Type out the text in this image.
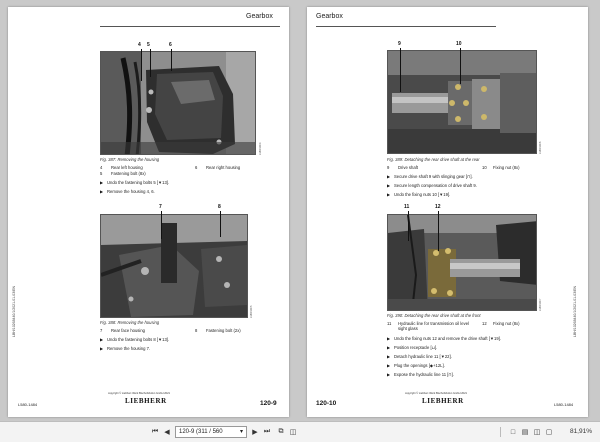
Gearbox
4 5	6
LM0190F4
Fig. 387: Removing the housing
4 Rear left housing	6 Rear right housing
5 Fastening bolt (8x)
▶ Undo the fastening bolts 5 [▼13].
▶ Remove the housing 4, 6.
7	8
LM0190F5
Fig. 388: Removing the housing
7 Rear face housing	8 Fastening bolt (2x)
▶ Undo the fastening bolts 8 [▼13].
▶ Remove the housing 7.
LBH/10268440/1/2021-01-03/EN
copyright © Liebherr-Werk Bischofshofen GmbH 2021
LIEBHERR
L580-1484	120-9
Gearbox
9	10
LM0190F6
Fig. 389: Detaching the rear drive shaft at the rear
9 Drive shaft	10 Fixing nut (8x)
▶ Secure drive shaft 9 with slinging gear [⊓].
▶ Secure length compensation of drive shaft 9.
▶ Undo the fixing nuts 10 [▼19].
11	12
LM0190F7
Fig. 390: Detaching the rear drive shaft at the front
11 Hydraulic line for transmission oil level sight glass
12 Fixing nut (8x)
▶ Undo the fixing nuts 12 and remove the drive shaft [▼19].
▶ Position receptacle [⊔].
▶ Detach hydraulic line 11 [▼22].
▶ Plug the openings [◆+12L].
▶ Expose the hydraulic line 11 [⊓].
LBH/10268440/1/2021-01-03/EN
120-10
copyright © Liebherr-Werk Bischofshofen GmbH 2021
LIEBHERR	L580-1484
⏮ ◀	120-9 (311 / 560	▾	▶ ⏭	⧉ ◫	□ ▤ ◫ ▢	81,91%
